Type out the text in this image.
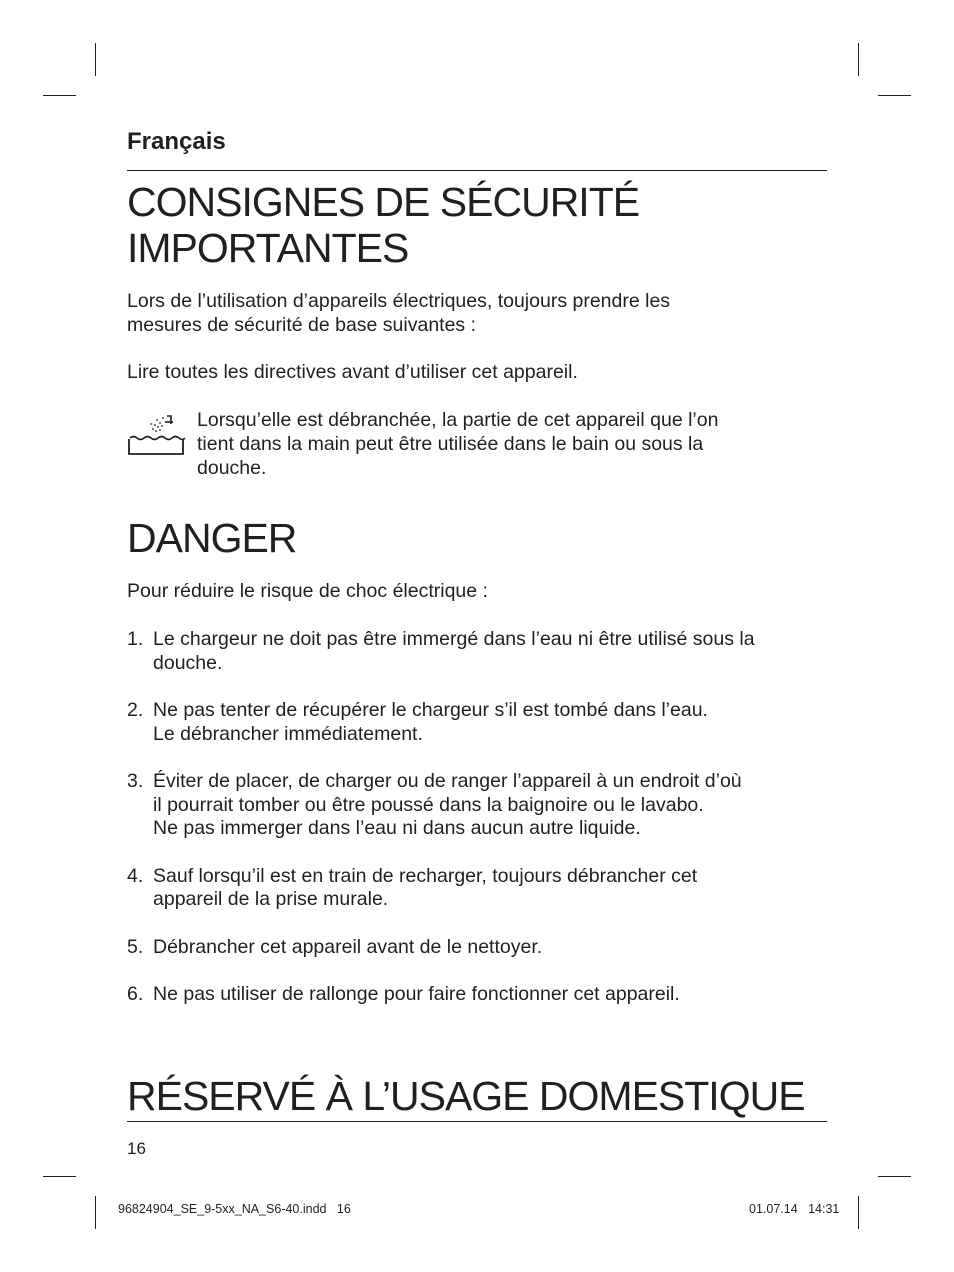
Français
CONSIGNES DE SÉCURITÉ
IMPORTANTES
Lors de l’utilisation d’appareils électriques, toujours prendre les
mesures de sécurité de base suivantes :
Lire toutes les directives avant d’utiliser cet appareil.
Lorsqu’elle est débranchée, la partie de cet appareil que l’on
tient dans la main peut être utilisée dans le bain ou sous la
douche.
DANGER
Pour réduire le risque de choc électrique :
1. Le chargeur ne doit pas être immergé dans l’eau ni être utilisé sous la
douche.
2. Ne pas tenter de récupérer le chargeur s’il est tombé dans l’eau.
Le débrancher immédiatement.
3. Éviter de placer, de charger ou de ranger l’appareil à un endroit d’où
il pourrait tomber ou être poussé dans la baignoire ou le lavabo.
Ne pas immerger dans l’eau ni dans aucun autre liquide.
4. Sauf lorsqu’il est en train de recharger, toujours débrancher cet
appareil de la prise murale.
5. Débrancher cet appareil avant de le nettoyer.
6. Ne pas utiliser de rallonge pour faire fonctionner cet appareil.
RÉSERVÉ À L’USAGE DOMESTIQUE
16
96824904_SE_9-5xx_NA_S6-40.indd   16	01.07.14   14:31
